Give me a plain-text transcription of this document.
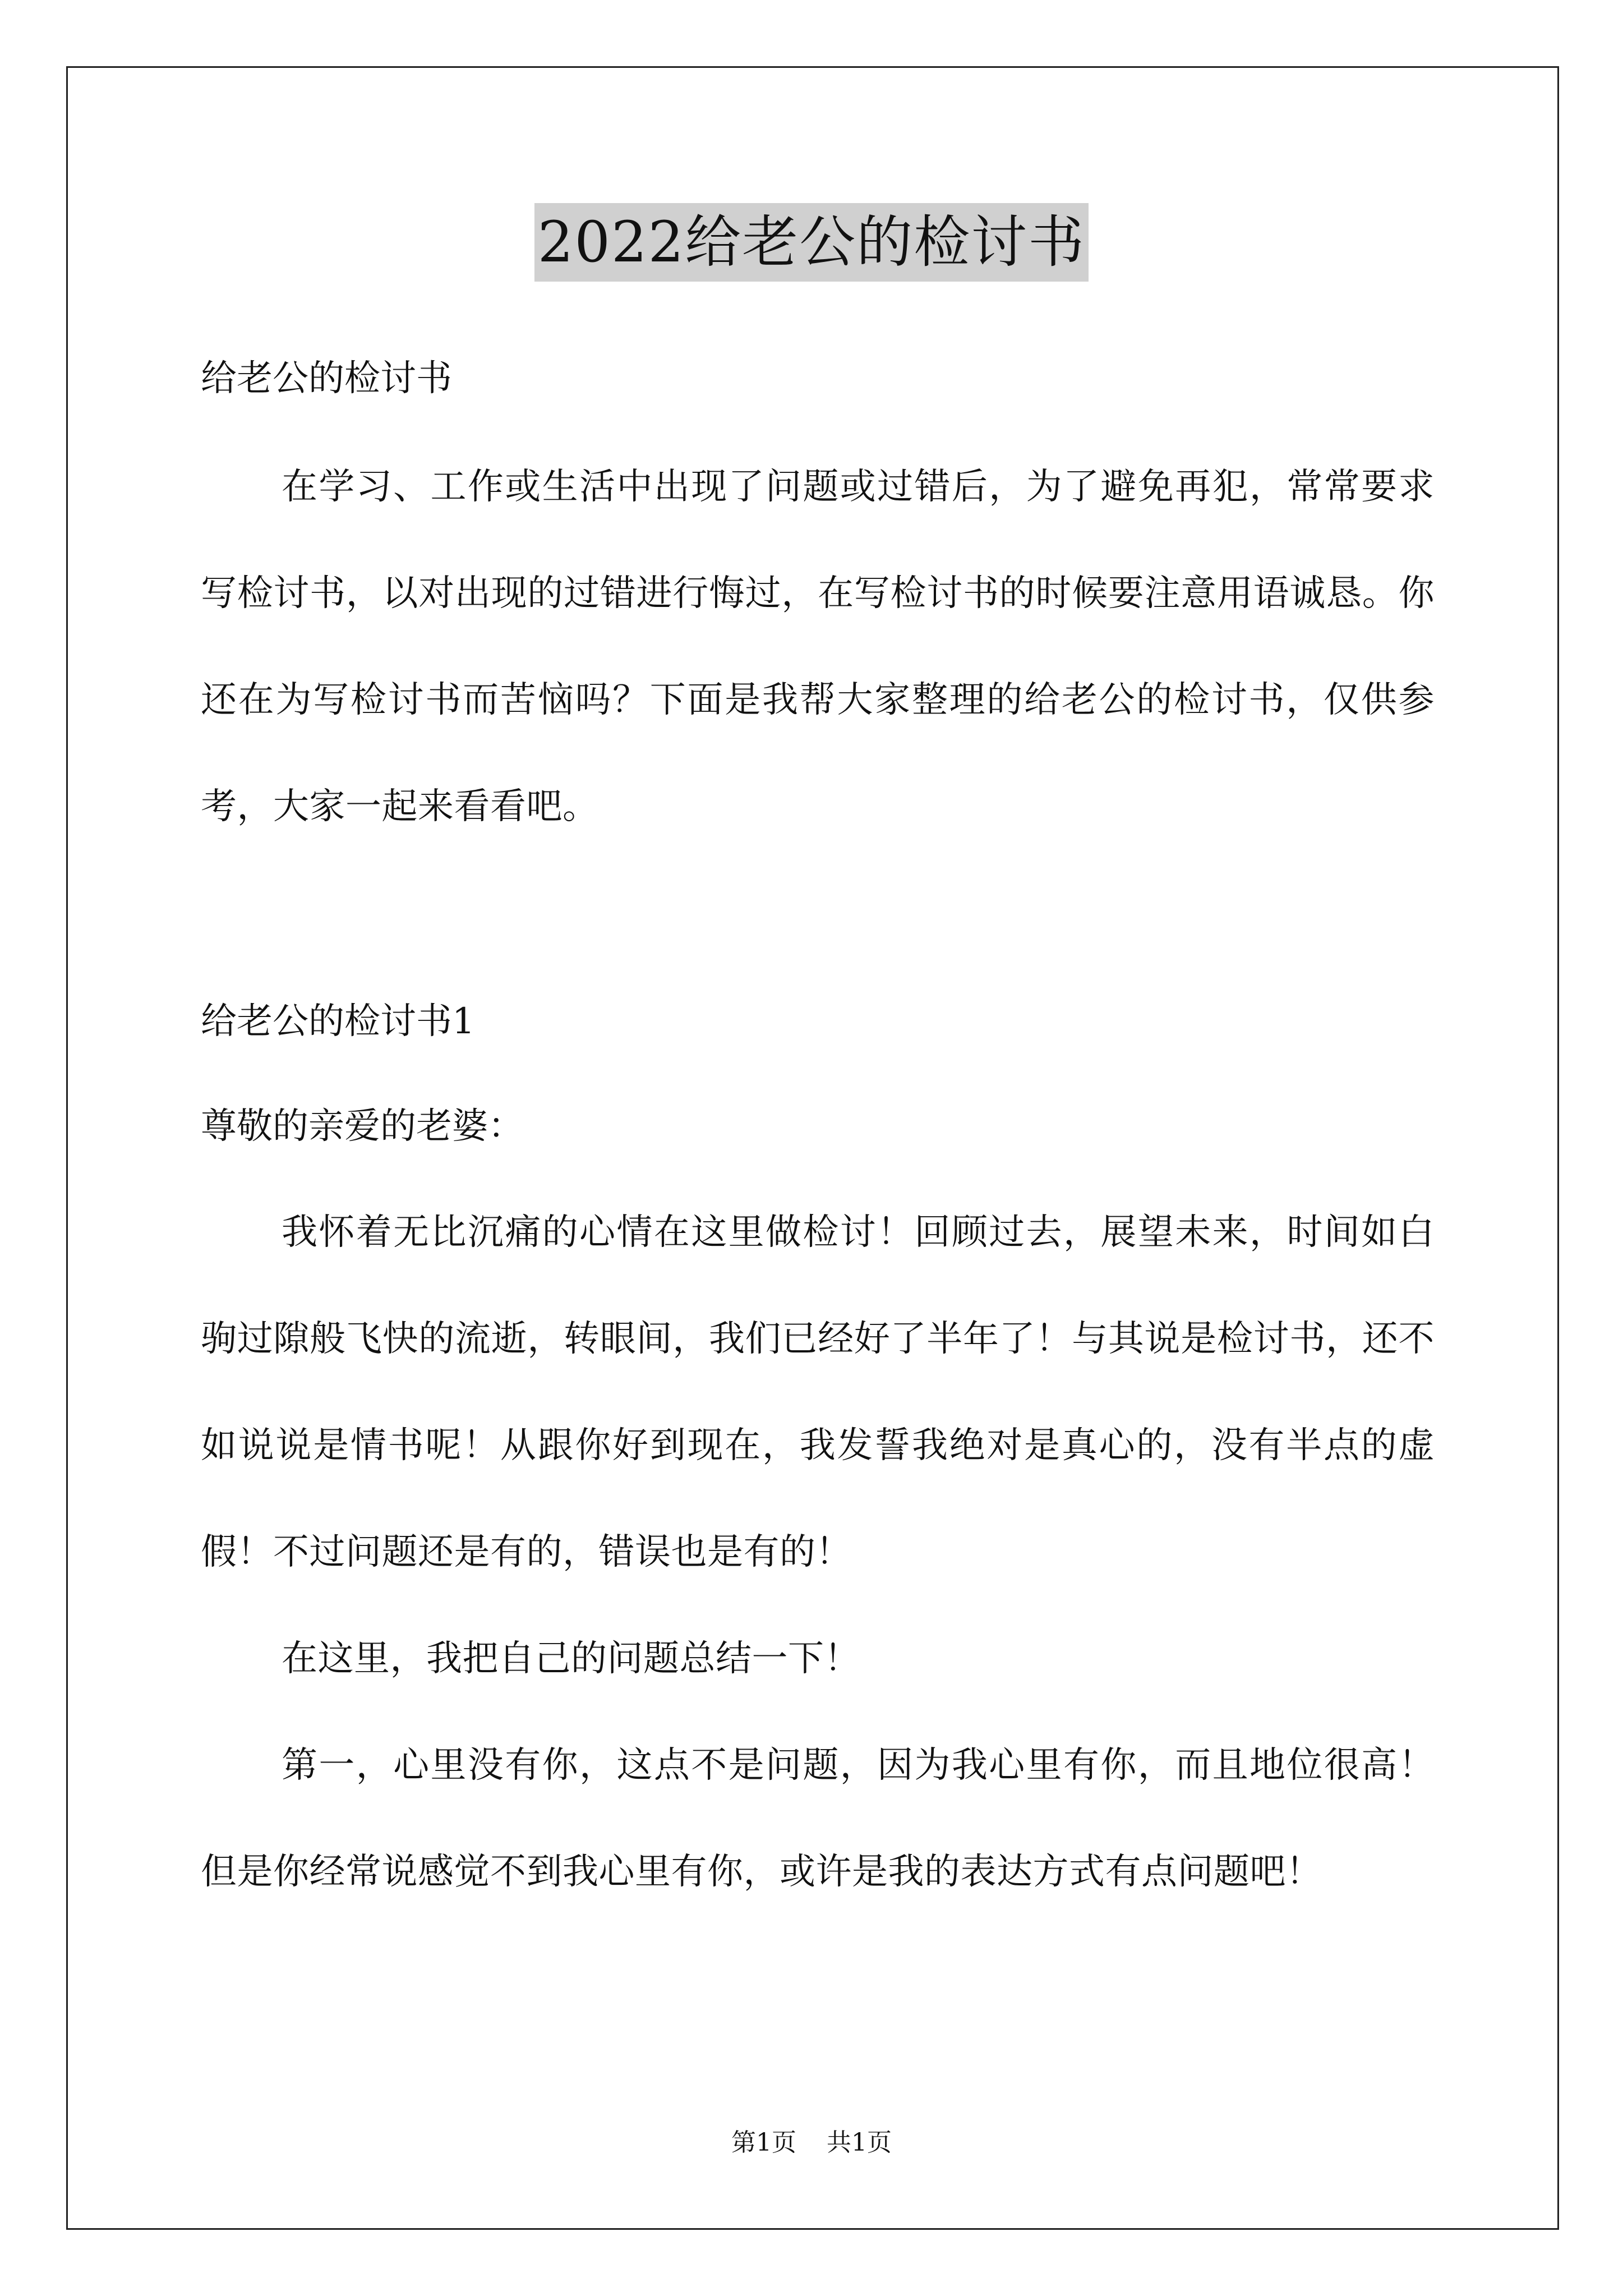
2022给老公的检讨书
给老公的检讨书
在学习、工作或生活中出现了问题或过错后，为了避免再犯，常常要求写检讨书，以对出现的过错进行悔过，在写检讨书的时候要注意用语诚恳。你还在为写检讨书而苦恼吗？下面是我帮大家整理的给老公的检讨书，仅供参考，大家一起来看看吧。
给老公的检讨书1
尊敬的亲爱的老婆：
我怀着无比沉痛的心情在这里做检讨！回顾过去，展望未来，时间如白驹过隙般飞快的流逝，转眼间，我们已经好了半年了！与其说是检讨书，还不如说说是情书呢！从跟你好到现在，我发誓我绝对是真心的，没有半点的虚假！不过问题还是有的，错误也是有的！
在这里，我把自己的问题总结一下！
第一，心里没有你，这点不是问题，因为我心里有你，而且地位很高！但是你经常说感觉不到我心里有你，或许是我的表达方式有点问题吧！
第1页 共1页
